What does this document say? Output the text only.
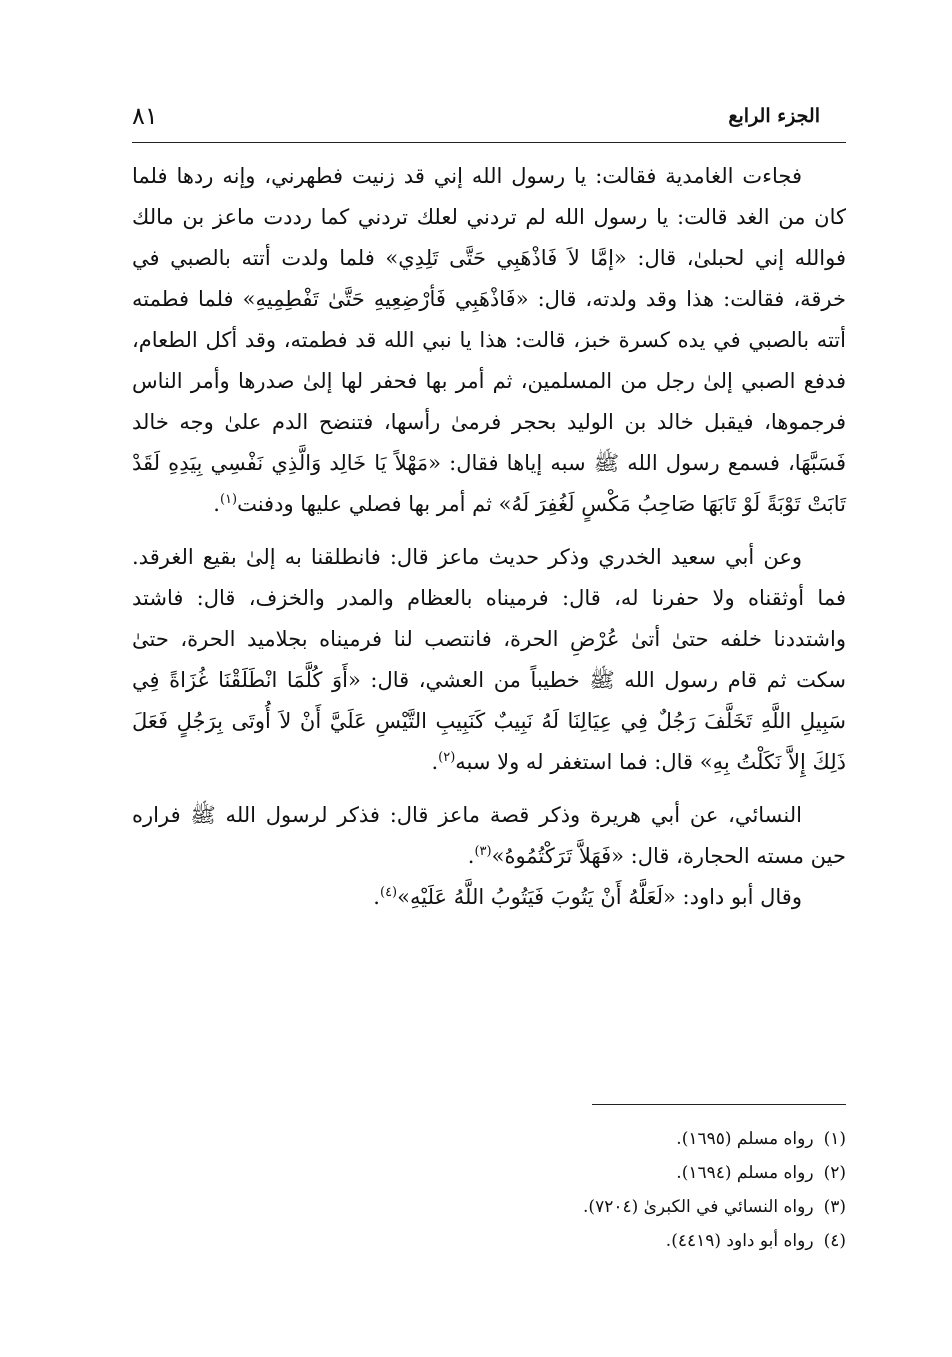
الجزء الرابع
٨١

فجاءت الغامدية فقالت: يا رسول الله إني قد زنيت فطهرني، وإنه ردها فلما كان من الغد قالت: يا رسول الله لم تردني لعلك تردني كما رددت ماعز بن مالك فوالله إني لحبلىٰ، قال: «إمَّا لاَ فَاذْهَبِي حَتَّى تَلِدِي» فلما ولدت أتته بالصبي في خرقة، فقالت: هذا وقد ولدته، قال: «فَاذْهَبِي فَأرْضِعِيهِ حَتَّىٰ تَفْطِمِيهِ» فلما فطمته أتته بالصبي في يده كسرة خبز، قالت: هذا يا نبي الله قد فطمته، وقد أكل الطعام، فدفع الصبي إلىٰ رجل من المسلمين، ثم أمر بها فحفر لها إلىٰ صدرها وأمر الناس فرجموها، فيقبل خالد بن الوليد بحجر فرمىٰ رأسها، فتنضح الدم علىٰ وجه خالد فَسَبَّهَا، فسمع رسول الله ﷺ سبه إياها فقال: «مَهْلاً يَا خَالِد وَالَّذِي نَفْسِي بِيَدِهِ لَقَدْ تَابَتْ تَوْبَةً لَوْ تَابَهَا صَاحِبُ مَكْسٍ لَغُفِرَ لَهُ» ثم أمر بها فصلي عليها ودفنت$^{(١)}$.

وعن أبي سعيد الخدري وذكر حديث ماعز قال: فانطلقنا به إلىٰ بقيع الغرقد. فما أوثقناه ولا حفرنا له، قال: فرميناه بالعظام والمدر والخزف، قال: فاشتد واشتددنا خلفه حتىٰ أتىٰ عُرْضِ الحرة، فانتصب لنا فرميناه بجلاميد الحرة، حتىٰ سكت ثم قام رسول الله ﷺ خطيباً من العشي، قال: «أَوَ كُلَّمَا انْطَلَقْنَا غُزَاةً فِي سَبِيلِ اللَّهِ تَخَلَّفَ رَجُلٌ فِي عِيَالِنَا لَهُ نَبِيبٌ كَنَبِيبِ التَّيْسِ عَلَيَّ أَنْ لاَ أُوتَى بِرَجُلٍ فَعَلَ ذَلِكَ إِلاَّ نَكَلْتُ بِهِ» قال: فما استغفر له ولا سبه$^{(٢)}$.

النسائي، عن أبي هريرة وذكر قصة ماعز قال: فذكر لرسول الله ﷺ فراره حين مسته الحجارة، قال: «فَهَلاَّ تَرَكْتُمُوهُ»$^{(٣)}$.

وقال أبو داود: «لَعَلَّهُ أَنْ يَتُوبَ فَيَتُوبُ اللَّهُ عَلَيْهِ»$^{(٤)}$.

(١)رواه مسلم (١٦٩٥).
(٢)رواه مسلم (١٦٩٤).
(٣)رواه النسائي في الكبرىٰ (٧٢٠٤).
(٤)رواه أبو داود (٤٤١٩).
